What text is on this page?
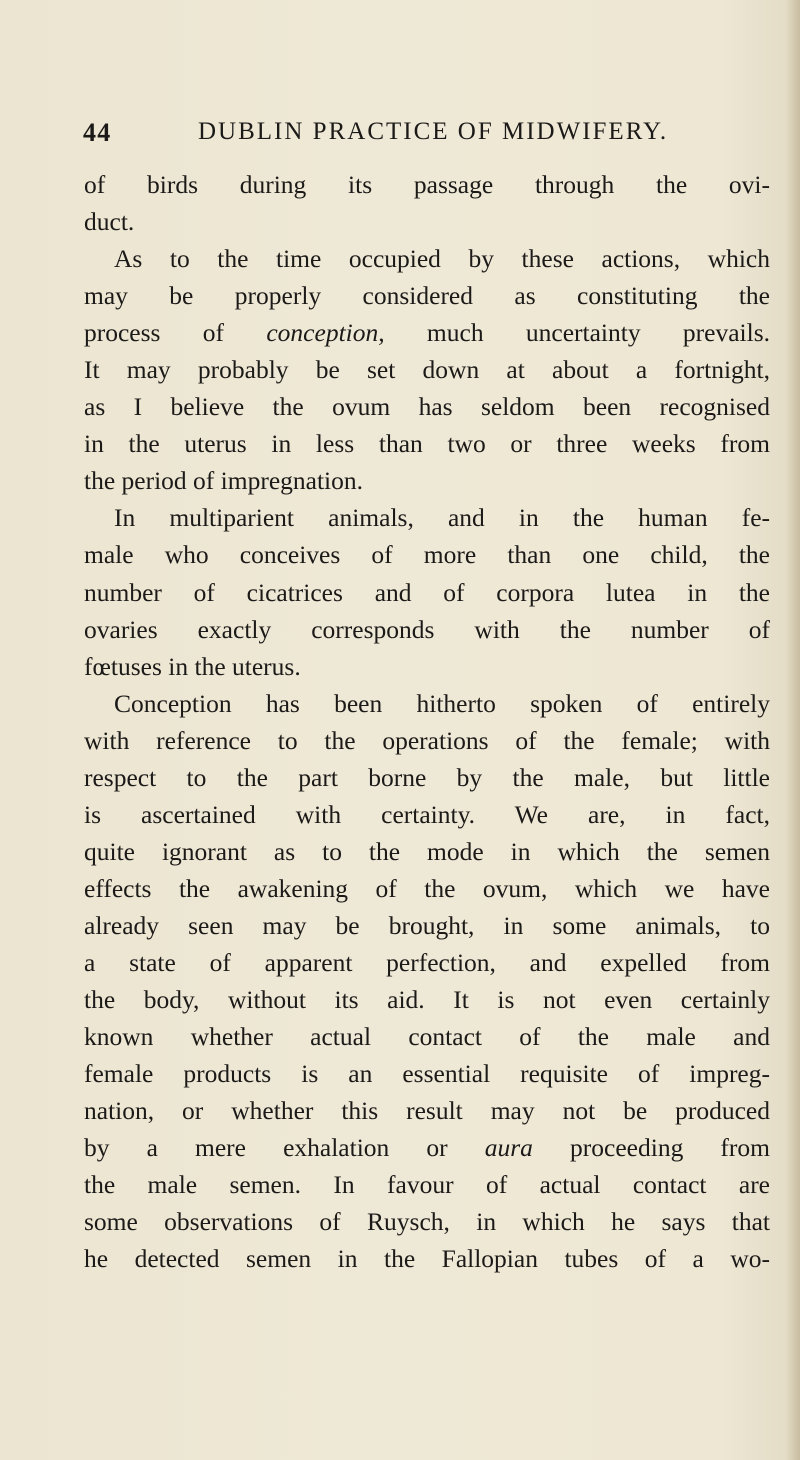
44	DUBLIN PRACTICE OF MIDWIFERY.
of birds during its passage through the ovi-
duct.
As to the time occupied by these actions, which
may be properly considered as constituting the
process of conception, much uncertainty prevails.
It may probably be set down at about a fortnight,
as I believe the ovum has seldom been recognised
in the uterus in less than two or three weeks from
the period of impregnation.
In multiparient animals, and in the human fe-
male who conceives of more than one child, the
number of cicatrices and of corpora lutea in the
ovaries exactly corresponds with the number of
fœtuses in the uterus.
Conception has been hitherto spoken of entirely
with reference to the operations of the female; with
respect to the part borne by the male, but little
is ascertained with certainty. We are, in fact,
quite ignorant as to the mode in which the semen
effects the awakening of the ovum, which we have
already seen may be brought, in some animals, to
a state of apparent perfection, and expelled from
the body, without its aid. It is not even certainly
known whether actual contact of the male and
female products is an essential requisite of impreg-
nation, or whether this result may not be produced
by a mere exhalation or aura proceeding from
the male semen. In favour of actual contact are
some observations of Ruysch, in which he says that
he detected semen in the Fallopian tubes of a wo-
